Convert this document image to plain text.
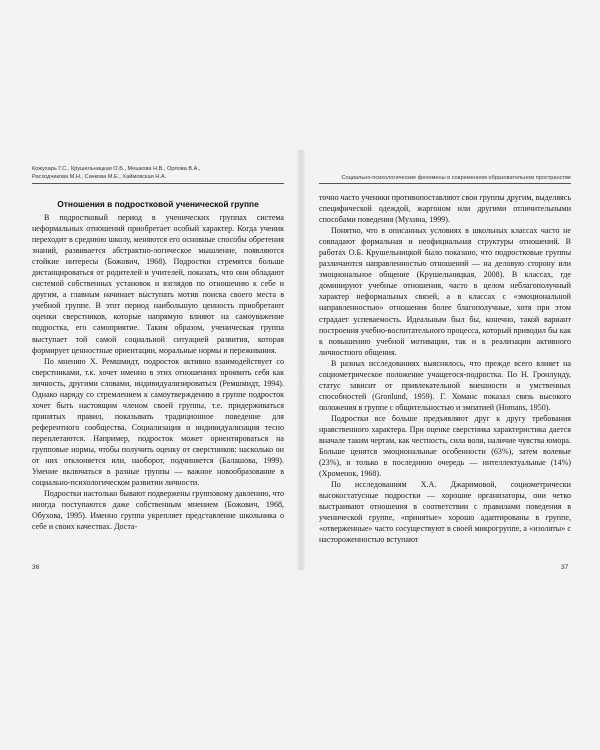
Кожухарь Г.С., Крушельницкая О.Б., Мешкова Н.В., Орлова В.А.,
Расходчикова М.Н., Сачкова М.Е., Хаймовская Н.А.	Социально-психологические феномены в современном образовательном пространстве
Отношения в подростковой ученической группе

В подростковый период в ученических группах система неформальных отношений приобретает особый характер. Когда ученик переходит в среднюю школу, меняются его основные способы обретения знаний, развивается абстрактно-логическое мышление, появляются стойкие интересы (Божович, 1968). Подростки стремятся больше дистанцироваться от родителей и учителей, показать, что они обладают системой собственных установок и взглядов по отношению к себе и другим, а главным начинает выступать мотив поиска своего места в учебной группе. В этот период наибольшую ценность приобретают оценки сверстников, которые напрямую влияют на самоуважение подростка, его самоприятие. Таким образом, ученическая группа выступает той самой социальной ситуацией развития, которая формирует ценностные ориентации, моральные нормы и переживания.

По мнению Х. Ремшмидт, подросток активно взаимодействует со сверстниками, т.к. хочет именно в этих отношениях проявить себя как личность, другими словами, индивидуализироваться (Ремшмидт, 1994). Однако наряду со стремлением к самоутверждению в группе подросток хочет быть настоящим членом своей группы, т.е. придерживаться принятых правил, показывать традиционное поведение для референтного сообщества. Социализация и индивидуализация тесно переплетаются. Например, подросток может ориентироваться на групповые нормы, чтобы получить оценку от сверстников: насколько он от них отклоняется или, наоборот, подчиняется (Балашова, 1999). Умение включаться в разные группы — важное новообразование в социально-психологическом развитии личности.

Подростки настолько бывают подвержены групповому давлению, что иногда поступаются даже собственным мнением (Божович, 1968, Обухова, 1995). Именно группа укрепляет представление школьника о себе и своих качествах. Доста-

точно часто ученики противопоставляют свои группы другим, выделяясь специфической одеждой, жаргоном или другими отличительными способами поведения (Мухина, 1999).

Понятно, что в описанных условиях в школьных классах часто не совпадают формальная и неофициальная структуры отношений. В работах О.Б. Крушельницкой было показано, что подростковые группы различаются направленностью отношений — на деловую сторону или эмоциональное общение (Крушельницкая, 2008). В классах, где доминируют учебные отношения, часто в целом неблагополучный характер неформальных связей, а в классах с «эмоциональной направленностью» отношения более благополучные, хотя при этом страдает успеваемость. Идеальным был бы, конечно, такой вариант построения учебно-воспитательного процесса, который приводил бы как к повышению учебной мотивации, так и к реализации активного личностного общения.

В разных исследованиях выяснялось, что прежде всего влияет на социометрическое положение учащегося-подростка. По Н. Гронлунду, статус зависит от привлекательной внешности и умственных способностей (Gronlund, 1959). Г. Хоманс показал связь высокого положения в группе с общительностью и эмпатией (Homans, 1950).

Подростки все больше предъявляют друг к другу требования нравственного характера. При оценке сверстника характеристика дается вначале таким чертам, как честность, сила воли, наличие чувства юмора. Больше ценятся эмоциональные особенности (63%), затем волевые (23%), и только в последнюю очередь — интеллектуальные (14%) (Хроменок, 1968).

По исследованиям Х.А. Джаримовой, социометрически высокостатусные подростки — хорошие организаторы, они четко выстраивают отношения в соответствии с правилами поведения в ученической группе, «принятые» хорошо адаптированы в группе, «отверженные» часто сосуществуют в своей микрогруппе, а «изоляты» с настороженностью вступают

36	37
